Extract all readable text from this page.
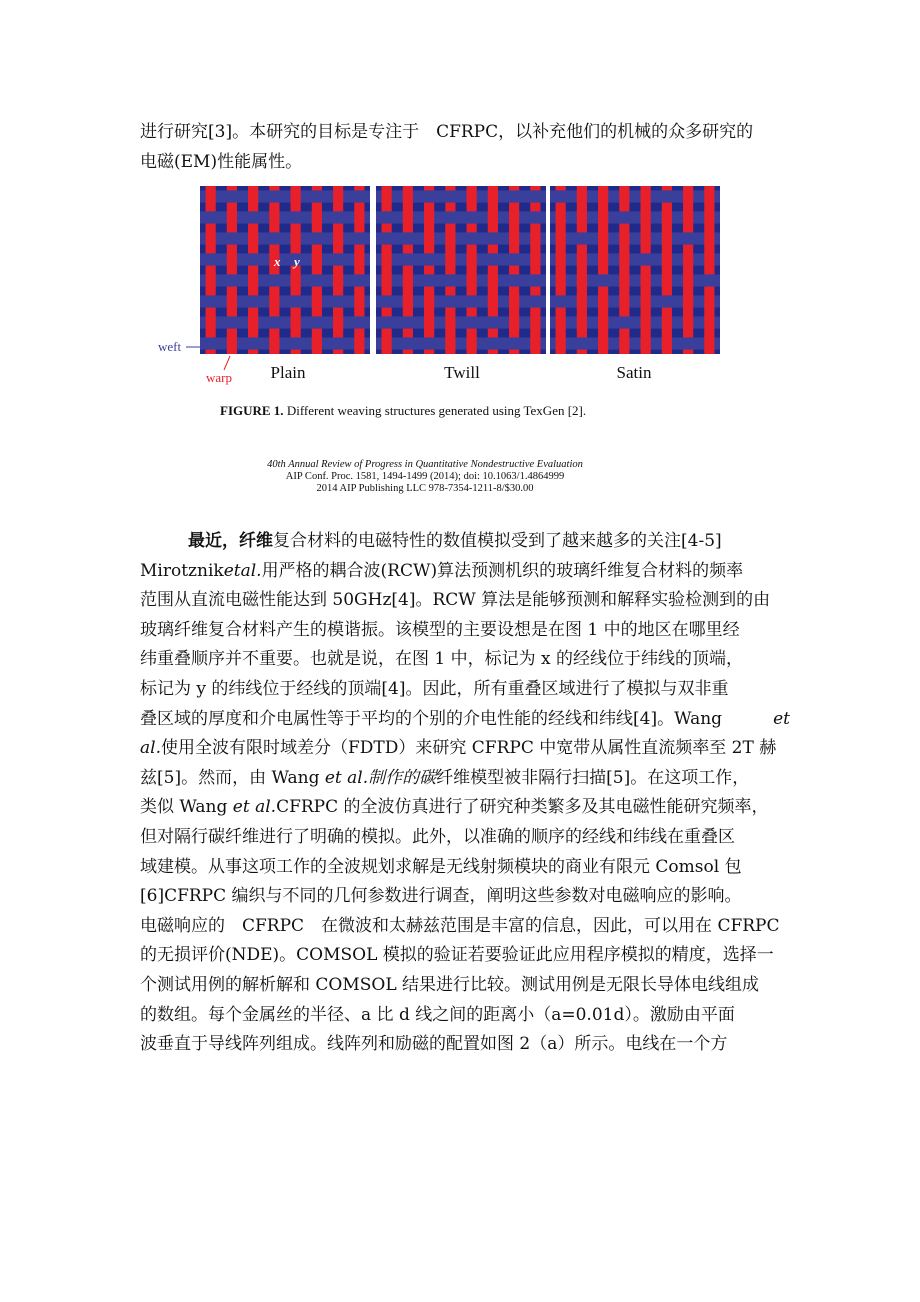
进行研究[3]。本研究的目标是专注于　CFRPC，以补充他们的机械的众多研究的
电磁(EM)性能属性。
weft
warp
x y
Plain	Twill	Satin
FIGURE 1. Different weaving structures generated using TexGen [2].
40th Annual Review of Progress in Quantitative Nondestructive Evaluation
AIP Conf. Proc. 1581, 1494-1499 (2014); doi: 10.1063/1.4864999
2014 AIP Publishing LLC 978-7354-1211-8/$30.00
最近，纤维复合材料的电磁特性的数值模拟受到了越来越多的关注[4-5]
Mirotzniketal.用严格的耦合波(RCW)算法预测机织的玻璃纤维复合材料的频率
范围从直流电磁性能达到 50GHz[4]。RCW 算法是能够预测和解释实验检测到的由
玻璃纤维复合材料产生的模谐振。该模型的主要设想是在图 1 中的地区在哪里经
纬重叠顺序并不重要。也就是说，在图 1 中，标记为 x 的经线位于纬线的顶端，
标记为 y 的纬线位于经线的顶端[4]。因此，所有重叠区域进行了模拟与双非重
叠区域的厚度和介电属性等于平均的个别的介电性能的经线和纬线[4]。Wang	et
al.使用全波有限时域差分（FDTD）来研究 CFRPC 中宽带从属性直流频率至 2T 赫
兹[5]。然而，由 Wang et al.制作的碳纤维模型被非隔行扫描[5]。在这项工作，
类似 Wang et al.CFRPC 的全波仿真进行了研究种类繁多及其电磁性能研究频率，
但对隔行碳纤维进行了明确的模拟。此外，以准确的顺序的经线和纬线在重叠区
域建模。从事这项工作的全波规划求解是无线射频模块的商业有限元 Comsol 包
[6]CFRPC 编织与不同的几何参数进行调查，阐明这些参数对电磁响应的影响。
电磁响应的　CFRPC　在微波和太赫兹范围是丰富的信息，因此，可以用在 CFRPC
的无损评价(NDE)。COMSOL 模拟的验证若要验证此应用程序模拟的精度，选择一
个测试用例的解析解和 COMSOL 结果进行比较。测试用例是无限长导体电线组成
的数组。每个金属丝的半径、a 比 d 线之间的距离小（a=0.01d）。激励由平面
波垂直于导线阵列组成。线阵列和励磁的配置如图 2（a）所示。电线在一个方
